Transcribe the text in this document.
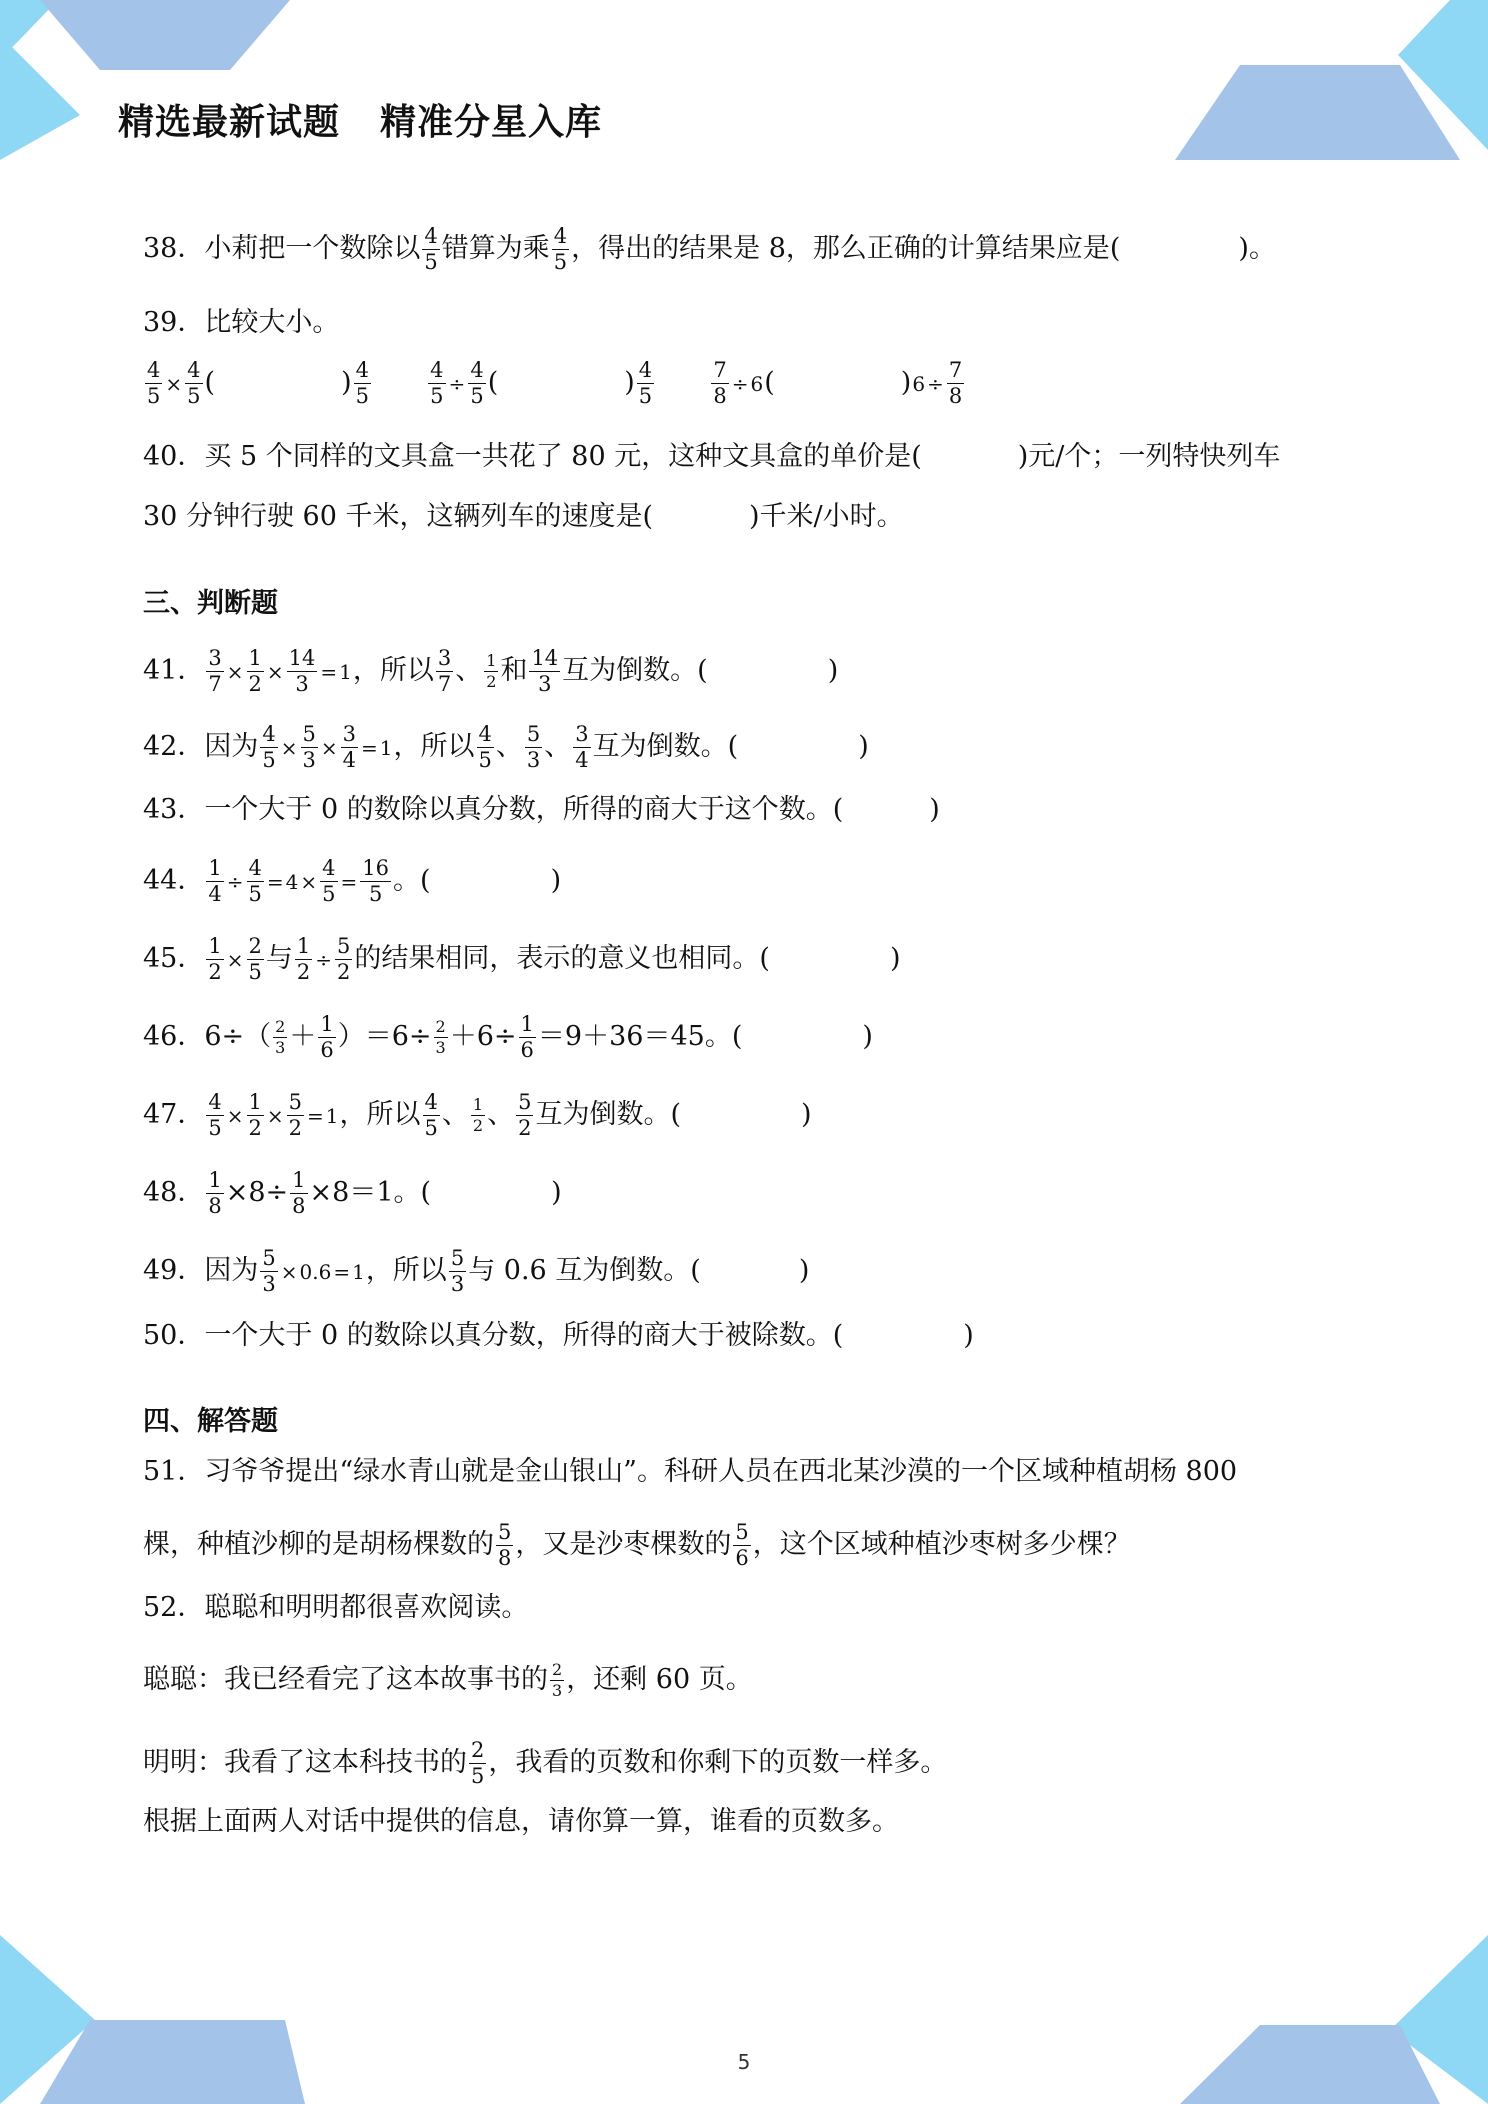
精选最新试题 精准分星入库
38．小莉把一个数除以 $\frac{4}{5}$ 错算为乘 $\frac{4}{5}$ ，得出的结果是 8，那么正确的计算结果应是(	)。
39．比较大小。
$\frac{4}{5} \times \frac{4}{5}$ (	) $\frac{4}{5}$
	$\frac{4}{5} \div \frac{4}{5}$ (	) $\frac{4}{5}$
	$\frac{7}{8} \div 6$(	)$6 \div \frac{7}{8}$
40．买 5 个同样的文具盒一共花了 80 元，这种文具盒的单价是(	)元/个；一列特快列车
30 分钟行驶 60 千米，这辆列车的速度是(	)千米/小时。
三、判断题
41． $\frac{3}{7} \times \frac{1}{2} \times \frac{14}{3} = 1$，所以 $\frac{3}{7}$ 、 $\frac{1}{2}$ 和 $\frac{14}{3}$ 互为倒数。(	)
42．因为 $\frac{4}{5} \times \frac{5}{3} \times \frac{3}{4} = 1$，所以 $\frac{4}{5}$ 、 $\frac{5}{3}$ 、 $\frac{3}{4}$ 互为倒数。(	)
43．一个大于 0 的数除以真分数，所得的商大于这个数。(	)
44． $\frac{1}{4} \div \frac{4}{5} = 4 \times \frac{4}{5} = \frac{16}{5}$ 。(	)
45． $\frac{1}{2} \times \frac{2}{5}$ 与 $\frac{1}{2} \div \frac{5}{2}$ 的结果相同，表示的意义也相同。(	)
46．$6\div( \frac{2}{3} + \frac{1}{6} )=6\div \frac{2}{3} +6\div \frac{1}{6} =9+36=45$。(	)
47． $\frac{4}{5} \times \frac{1}{2} \times \frac{5}{2} = 1$，所以 $\frac{4}{5}$ 、 $\frac{1}{2}$ 、 $\frac{5}{2}$ 互为倒数。(	)
48． $\frac{1}{8} \times 8\div \frac{1}{8} \times 8=1$。(	)
49．因为 $\frac{5}{3} \times 0.6 = 1$，所以 $\frac{5}{3}$ 与 0.6 互为倒数。(	)
50．一个大于 0 的数除以真分数，所得的商大于被除数。(	)
四、解答题
51．习爷爷提出“绿水青山就是金山银山”。科研人员在西北某沙漠的一个区域种植胡杨 800
棵，种植沙柳的是胡杨棵数的 $\frac{5}{8}$ ，又是沙枣棵数的 $\frac{5}{6}$ ，这个区域种植沙枣树多少棵？
52．聪聪和明明都很喜欢阅读。
聪聪：我已经看完了这本故事书的 $\frac{2}{3}$ ，还剩 60 页。
明明：我看了这本科技书的 $\frac{2}{5}$ ，我看的页数和你剩下的页数一样多。
根据上面两人对话中提供的信息，请你算一算，谁看的页数多。
5
